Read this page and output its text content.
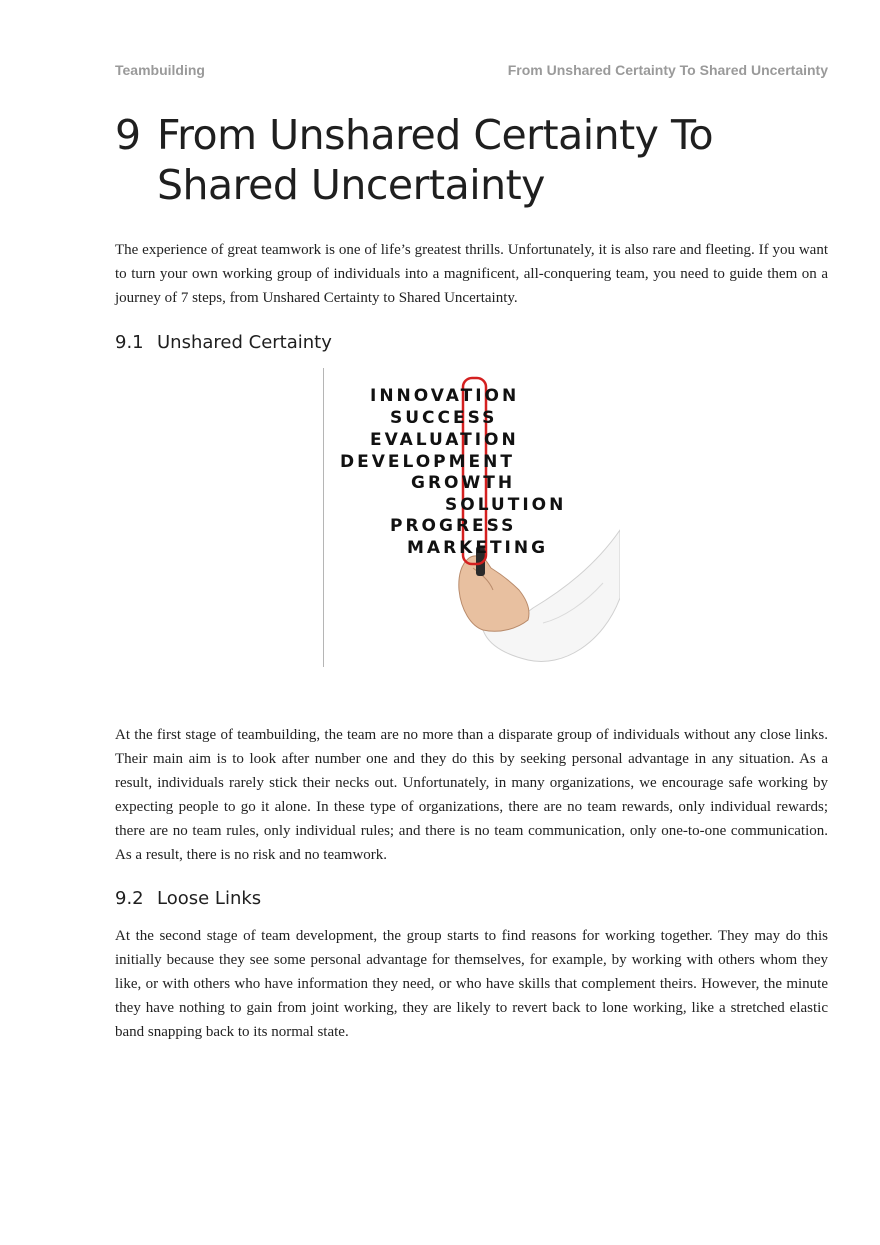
Teambuilding	From Unshared Certainty To Shared Uncertainty
9 From Unshared Certainty To Shared Uncertainty

The experience of great teamwork is one of life’s greatest thrills. Unfortunately, it is also rare and fleeting. If you want to turn your own working group of individuals into a magnificent, all-conquering team, you need to guide them on a journey of 7 steps, from Unshared Certainty to Shared Uncertainty.

9.1 Unshared Certainty
INNOVATION
SUCCESS
EVALUATION
DEVELOPMENT
GROWTH
SOLUTION
PROGRESS
MARKETING

At the first stage of teambuilding, the team are no more than a disparate group of individuals without any close links. Their main aim is to look after number one and they do this by seeking personal advantage in any situation. As a result, individuals rarely stick their necks out. Unfortunately, in many organizations, we encourage safe working by expecting people to go it alone. In these type of organizations, there are no team rewards, only individual rewards; there are no team rules, only individual rules; and there is no team communication, only one-to-one communication. As a result, there is no risk and no teamwork.

9.2 Loose Links

At the second stage of team development, the group starts to find reasons for working together. They may do this initially because they see some personal advantage for themselves, for example, by working with others whom they like, or with others who have information they need, or who have skills that complement theirs. However, the minute they have nothing to gain from joint working, they are likely to revert back to lone working, like a stretched elastic band snapping back to its normal state.
